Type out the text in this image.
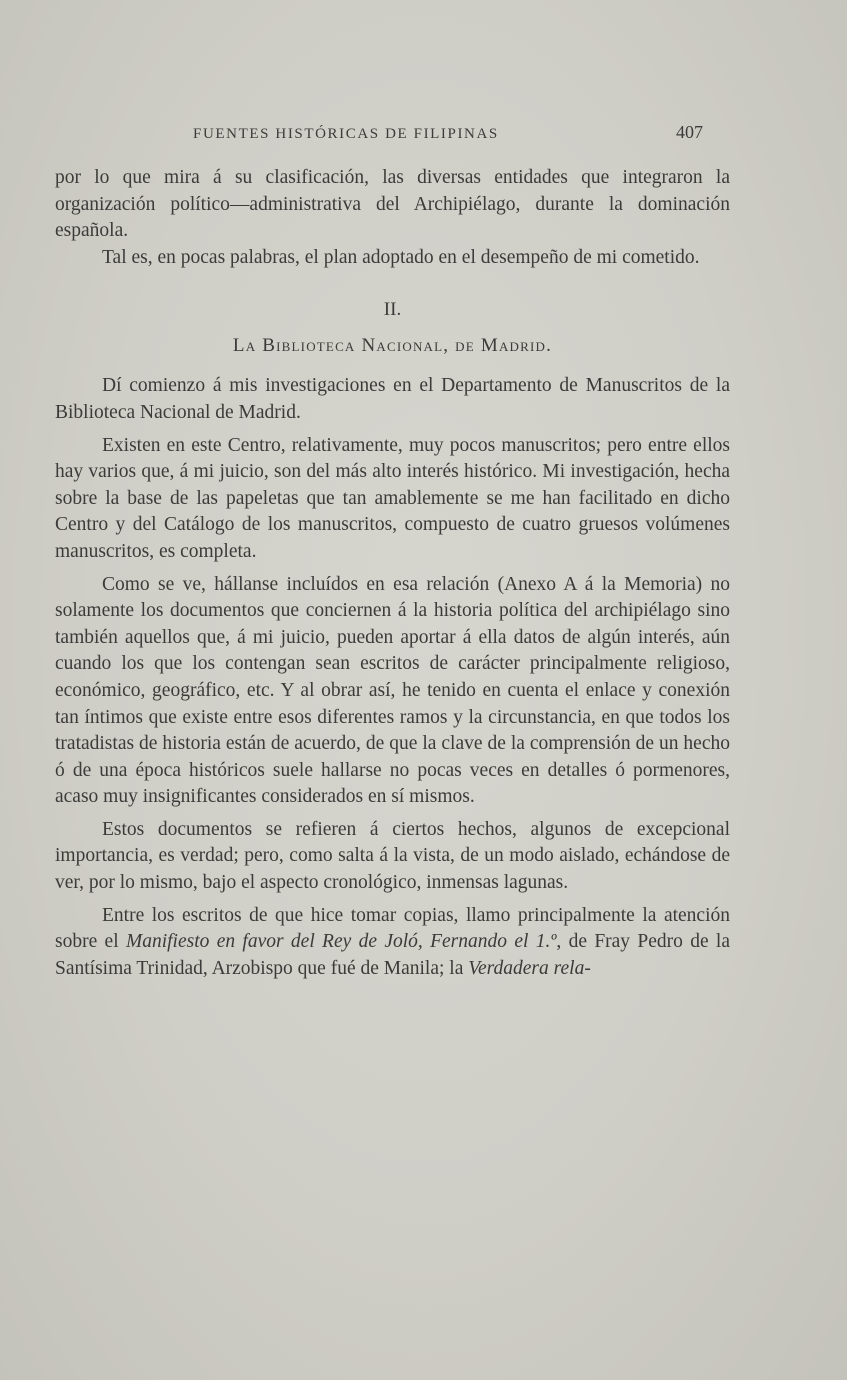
FUENTES HISTÓRICAS DE FILIPINAS	407

por lo que mira á su clasificación, las diversas entidades que integraron la organización político—administrativa del Archipiélago, durante la dominación española.

Tal es, en pocas palabras, el plan adoptado en el desempeño de mi cometido.

II.
La Biblioteca Nacional, de Madrid.

Dí comienzo á mis investigaciones en el Departamento de Manuscritos de la Biblioteca Nacional de Madrid.

Existen en este Centro, relativamente, muy pocos manuscritos; pero entre ellos hay varios que, á mi juicio, son del más alto interés histórico. Mi investigación, hecha sobre la base de las papeletas que tan amablemente se me han facilitado en dicho Centro y del Catálogo de los manuscritos, compuesto de cuatro gruesos volúmenes manuscritos, es completa.

Como se ve, hállanse incluídos en esa relación (Anexo A á la Memoria) no solamente los documentos que conciernen á la historia política del archipiélago sino también aquellos que, á mi juicio, pueden aportar á ella datos de algún interés, aún cuando los que los contengan sean escritos de carácter principalmente religioso, económico, geográfico, etc. Y al obrar así, he tenido en cuenta el enlace y conexión tan íntimos que existe entre esos diferentes ramos y la circunstancia, en que todos los tratadistas de historia están de acuerdo, de que la clave de la comprensión de un hecho ó de una época históricos suele hallarse no pocas veces en detalles ó pormenores, acaso muy insignificantes considerados en sí mismos.

Estos documentos se refieren á ciertos hechos, algunos de excepcional importancia, es verdad; pero, como salta á la vista, de un modo aislado, echándose de ver, por lo mismo, bajo el aspecto cronológico, inmensas lagunas.

Entre los escritos de que hice tomar copias, llamo principalmente la atención sobre el Manifiesto en favor del Rey de Joló, Fernando el 1.º, de Fray Pedro de la Santísima Trinidad, Arzobispo que fué de Manila; la Verdadera rela-
